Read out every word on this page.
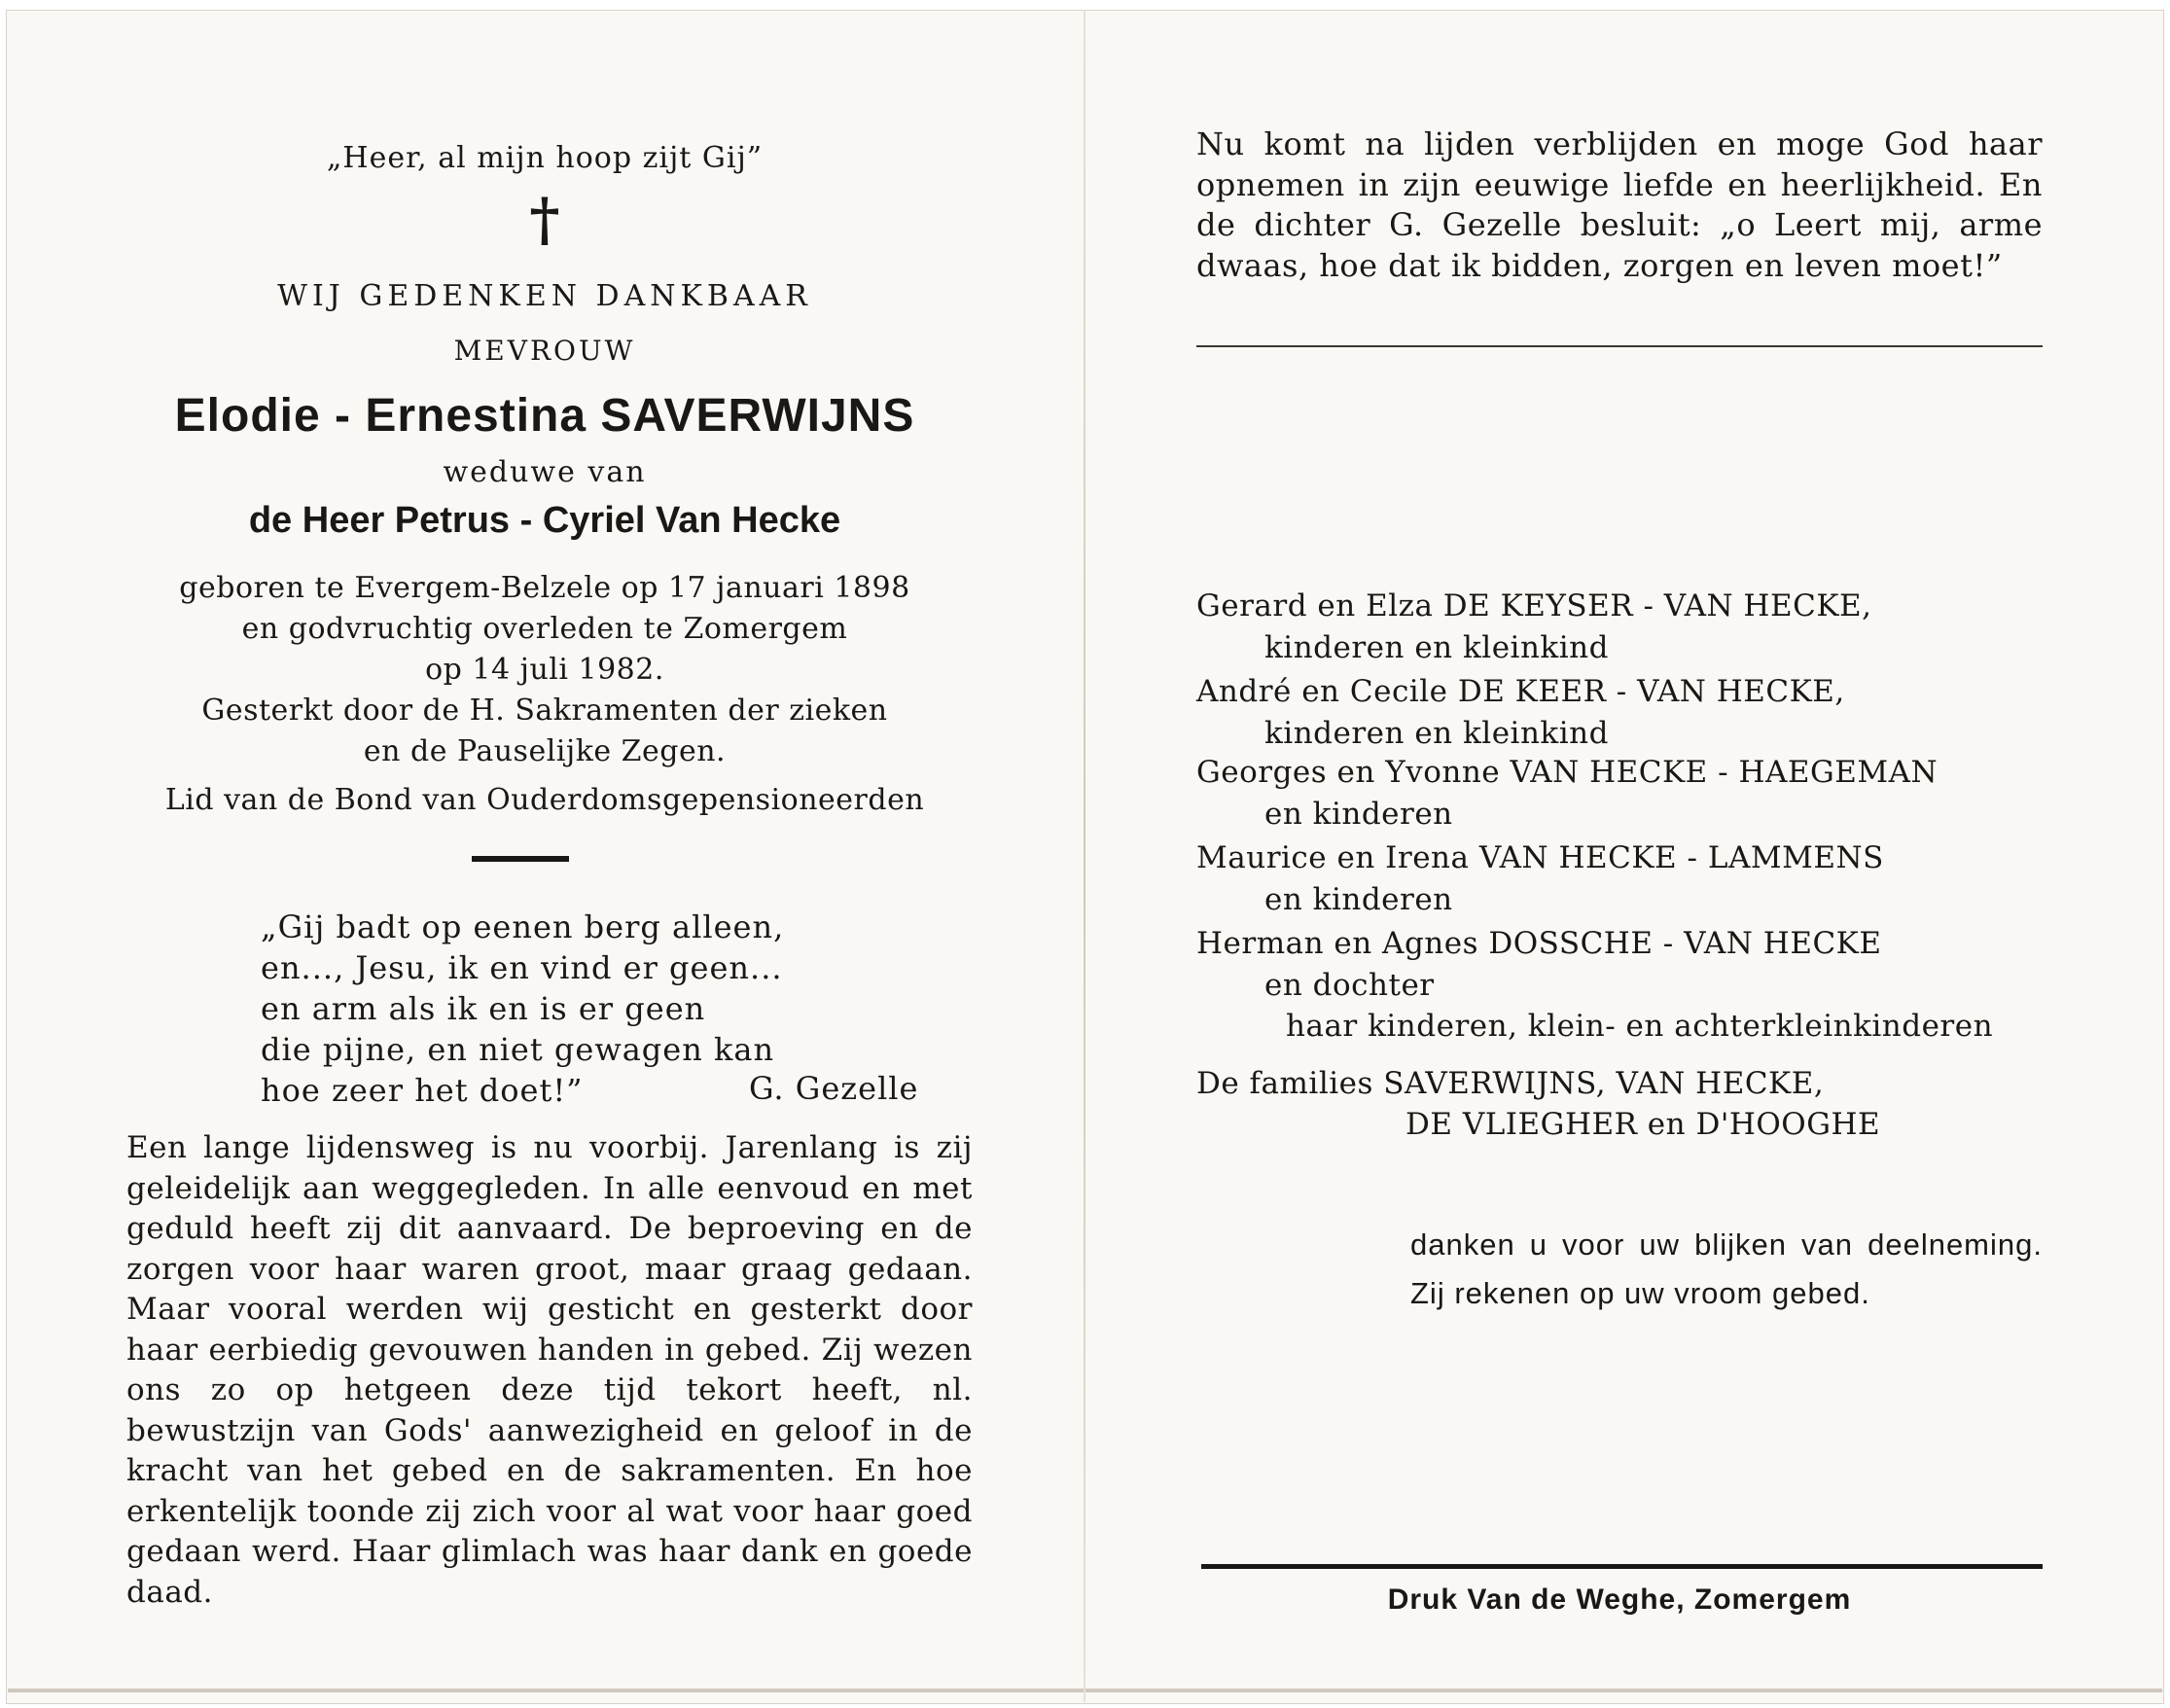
„Heer, al mijn hoop zijt Gij”
†
WIJ GEDENKEN DANKBAAR
MEVROUW
Elodie - Ernestina SAVERWIJNS
weduwe van
de Heer Petrus - Cyriel Van Hecke
geboren te Evergem-Belzele op 17 januari 1898
en godvruchtig overleden te Zomergem
op 14 juli 1982.
Gesterkt door de H. Sakramenten der zieken
en de Pauselijke Zegen.
Lid van de Bond van Ouderdomsgepensioneerden
„Gij badt op eenen berg alleen,
en..., Jesu, ik en vind er geen...
en arm als ik en is er geen
die pijne, en niet gewagen kan
hoe zeer het doet!”	G. Gezelle
Een lange lijdensweg is nu voorbij. Jarenlang is zij geleidelijk aan weggegleden. In alle eenvoud en met geduld heeft zij dit aanvaard. De beproeving en de zorgen voor haar waren groot, maar graag gedaan. Maar vooral werden wij gesticht en gesterkt door haar eerbiedig gevouwen handen in gebed. Zij wezen ons zo op hetgeen deze tijd tekort heeft, nl. bewustzijn van Gods' aanwezigheid en geloof in de kracht van het gebed en de sakramenten. En hoe erkentelijk toonde zij zich voor al wat voor haar goed gedaan werd. Haar glimlach was haar dank en goede daad.
Nu komt na lijden verblijden en moge God haar opnemen in zijn eeuwige liefde en heerlijkheid. En de dichter G. Gezelle besluit: „o Leert mij, arme dwaas, hoe dat ik bidden, zorgen en leven moet!”
Gerard en Elza DE KEYSER - VAN HECKE,
kinderen en kleinkind
André en Cecile DE KEER - VAN HECKE,
kinderen en kleinkind
Georges en Yvonne VAN HECKE - HAEGEMAN
en kinderen
Maurice en Irena VAN HECKE - LAMMENS
en kinderen
Herman en Agnes DOSSCHE - VAN HECKE
en dochter
haar kinderen, klein- en achterkleinkinderen
De families SAVERWIJNS, VAN HECKE,
DE VLIEGHER en D'HOOGHE
danken u voor uw blijken van deelneming. Zij rekenen op uw vroom gebed.
Druk Van de Weghe, Zomergem
